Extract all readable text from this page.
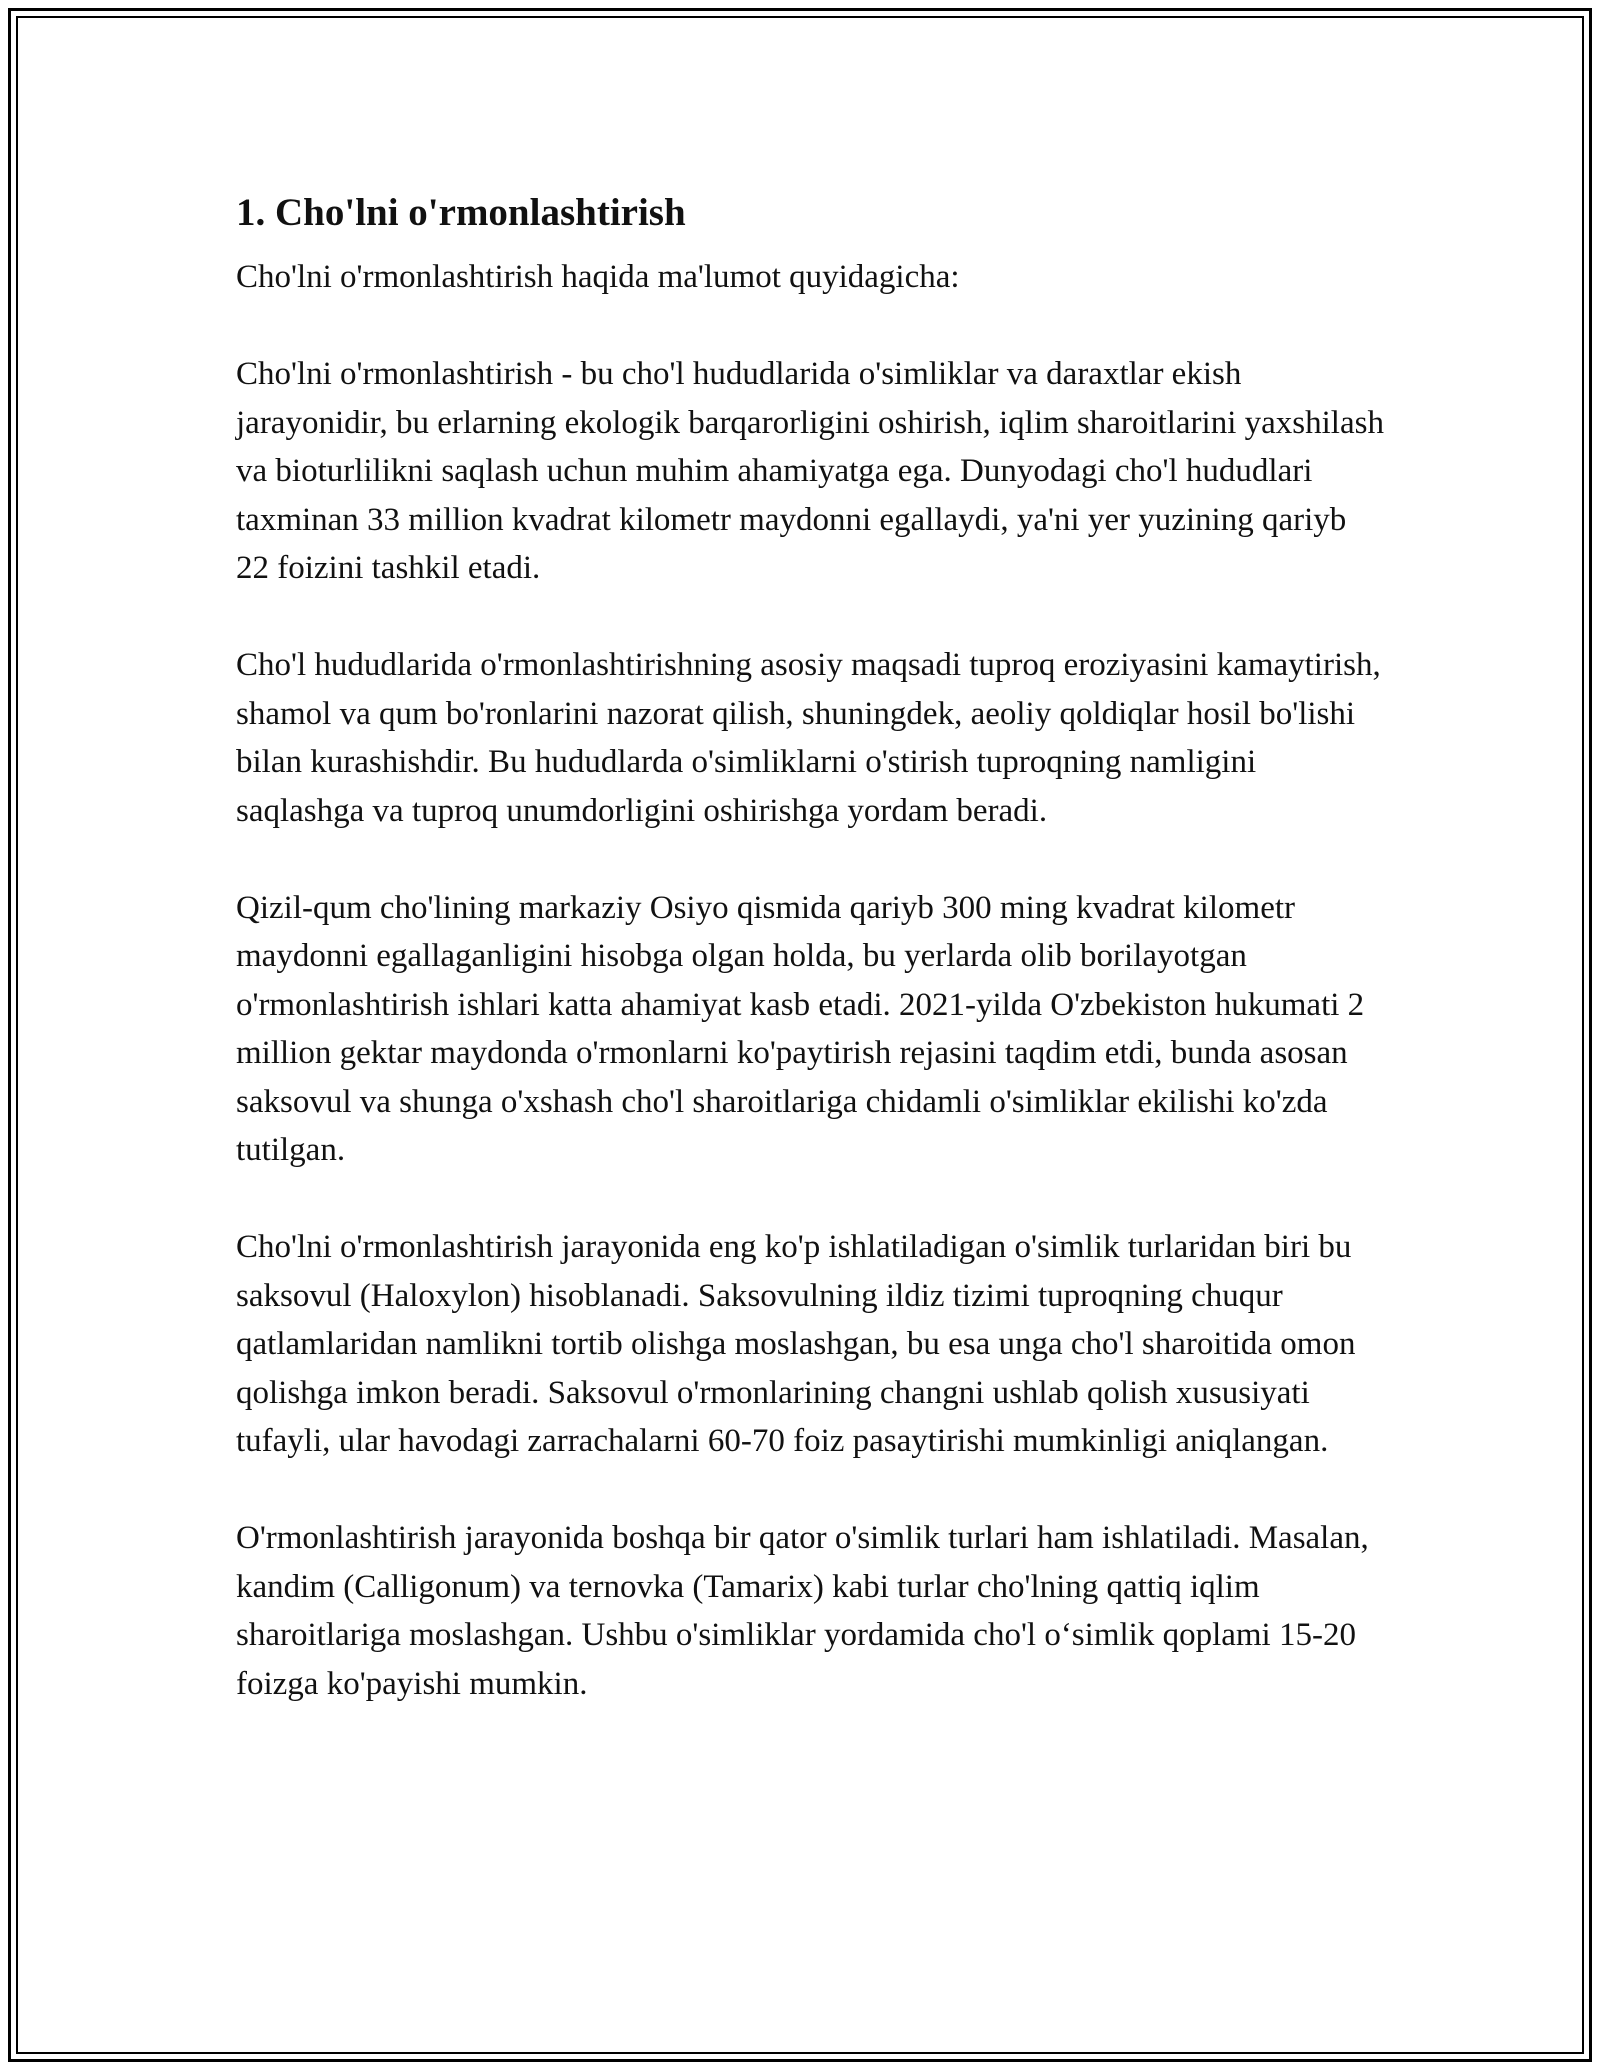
1. Cho'lni o'rmonlashtirish

Cho'lni o'rmonlashtirish haqida ma'lumot quyidagicha:

Cho'lni o'rmonlashtirish - bu cho'l hududlarida o'simliklar va daraxtlar ekish jarayonidir, bu erlarning ekologik barqarorligini oshirish, iqlim sharoitlarini yaxshilash va bioturlilikni saqlash uchun muhim ahamiyatga ega. Dunyodagi cho'l hududlari taxminan 33 million kvadrat kilometr maydonni egallaydi, ya'ni yer yuzining qariyb 22 foizini tashkil etadi.

Cho'l hududlarida o'rmonlashtirishning asosiy maqsadi tuproq eroziyasini kamaytirish, shamol va qum bo'ronlarini nazorat qilish, shuningdek, aeoliy qoldiqlar hosil bo'lishi bilan kurashishdir. Bu hududlarda o'simliklarni o'stirish tuproqning namligini saqlashga va tuproq unumdorligini oshirishga yordam beradi.

Qizil-qum cho'lining markaziy Osiyo qismida qariyb 300 ming kvadrat kilometr maydonni egallaganligini hisobga olgan holda, bu yerlarda olib borilayotgan o'rmonlashtirish ishlari katta ahamiyat kasb etadi. 2021-yilda O'zbekiston hukumati 2 million gektar maydonda o'rmonlarni ko'paytirish rejasini taqdim etdi, bunda asosan saksovul va shunga o'xshash cho'l sharoitlariga chidamli o'simliklar ekilishi ko'zda tutilgan.

Cho'lni o'rmonlashtirish jarayonida eng ko'p ishlatiladigan o'simlik turlaridan biri bu saksovul (Haloxylon) hisoblanadi. Saksovulning ildiz tizimi tuproqning chuqur qatlamlaridan namlikni tortib olishga moslashgan, bu esa unga cho'l sharoitida omon qolishga imkon beradi. Saksovul o'rmonlarining changni ushlab qolish xususiyati tufayli, ular havodagi zarrachalarni 60-70 foiz pasaytirishi mumkinligi aniqlangan.

O'rmonlashtirish jarayonida boshqa bir qator o'simlik turlari ham ishlatiladi. Masalan, kandim (Calligonum) va ternovka (Tamarix) kabi turlar cho'lning qattiq iqlim sharoitlariga moslashgan. Ushbu o'simliklar yordamida cho'l o‘simlik qoplami 15-20 foizga ko'payishi mumkin.
